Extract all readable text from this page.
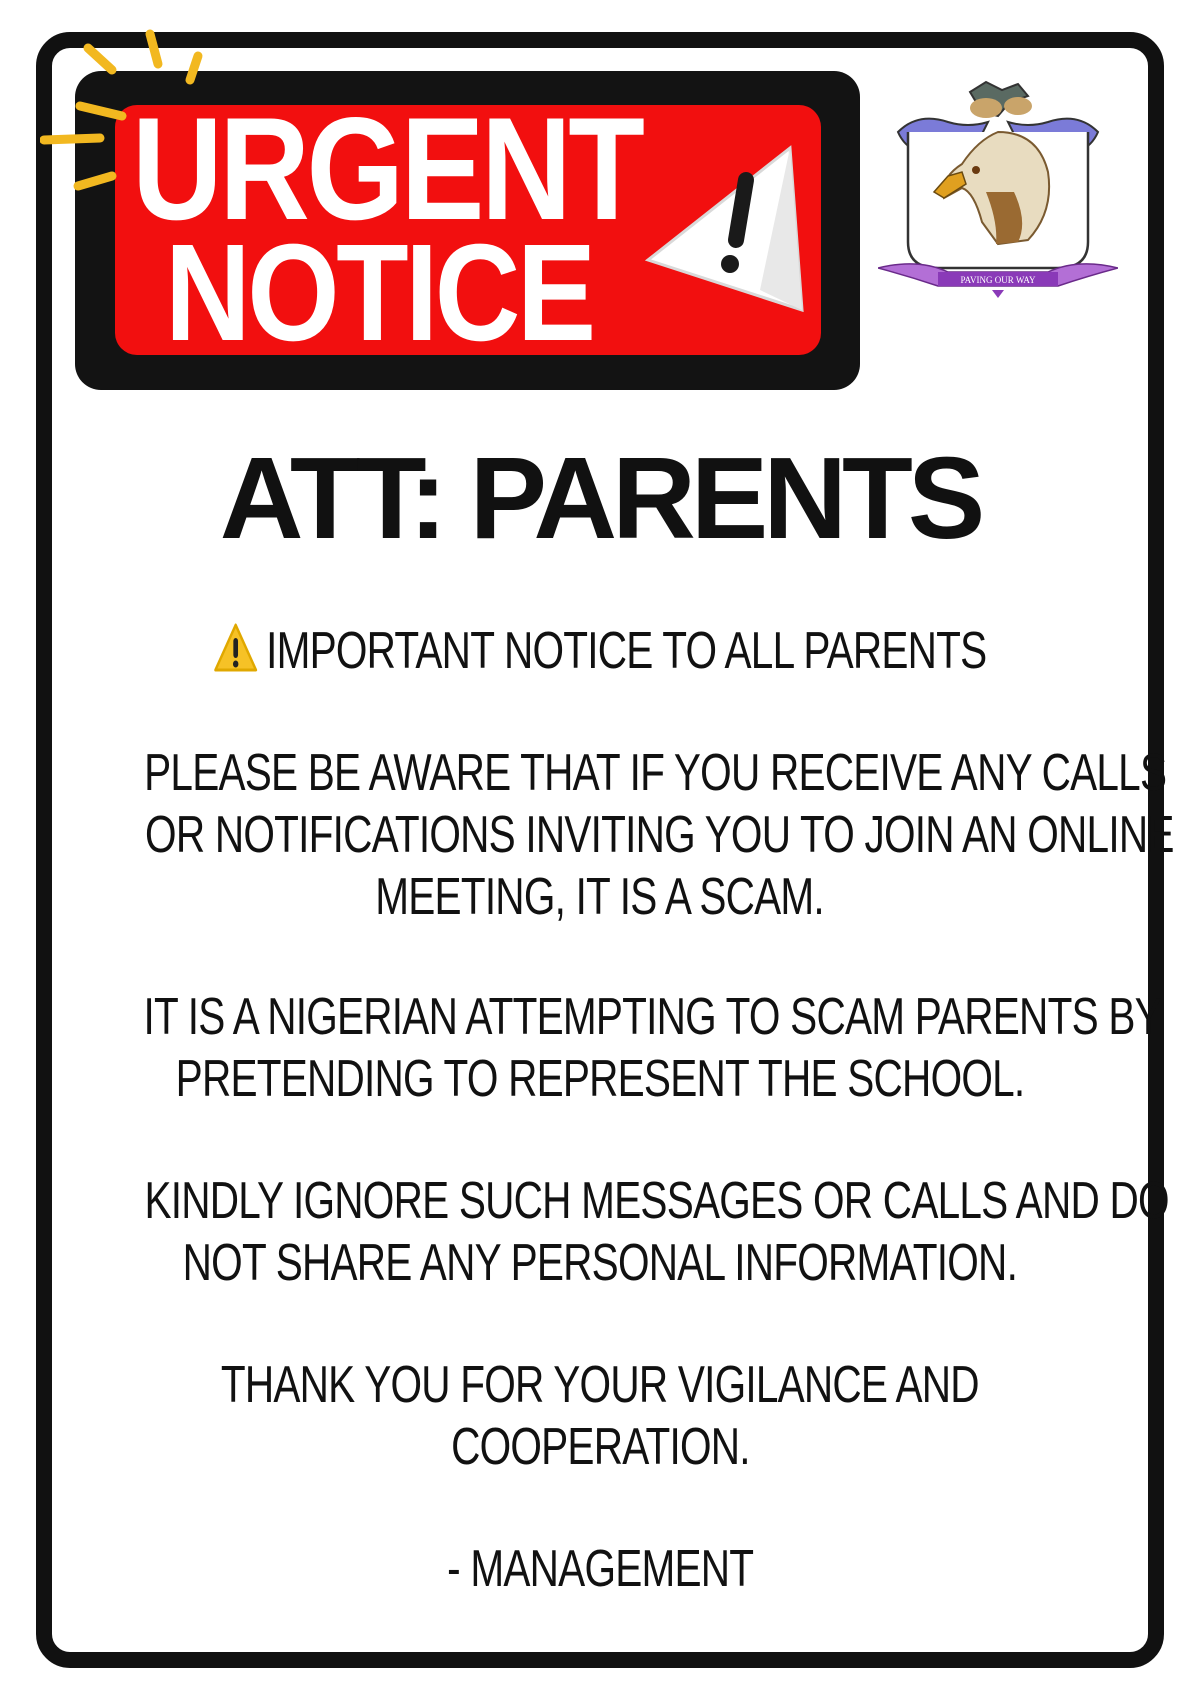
URGENT
NOTICE	PAVING OUR WAY
ATT: PARENTS
IMPORTANT NOTICE TO ALL PARENTS
PLEASE BE AWARE THAT IF YOU RECEIVE ANY CALLS
OR NOTIFICATIONS INVITING YOU TO JOIN AN ONLINE
MEETING, IT IS A SCAM.
IT IS A NIGERIAN ATTEMPTING TO SCAM PARENTS BY
PRETENDING TO REPRESENT THE SCHOOL.
KINDLY IGNORE SUCH MESSAGES OR CALLS AND DO
NOT SHARE ANY PERSONAL INFORMATION.
THANK YOU FOR YOUR VIGILANCE AND
COOPERATION.
- MANAGEMENT
